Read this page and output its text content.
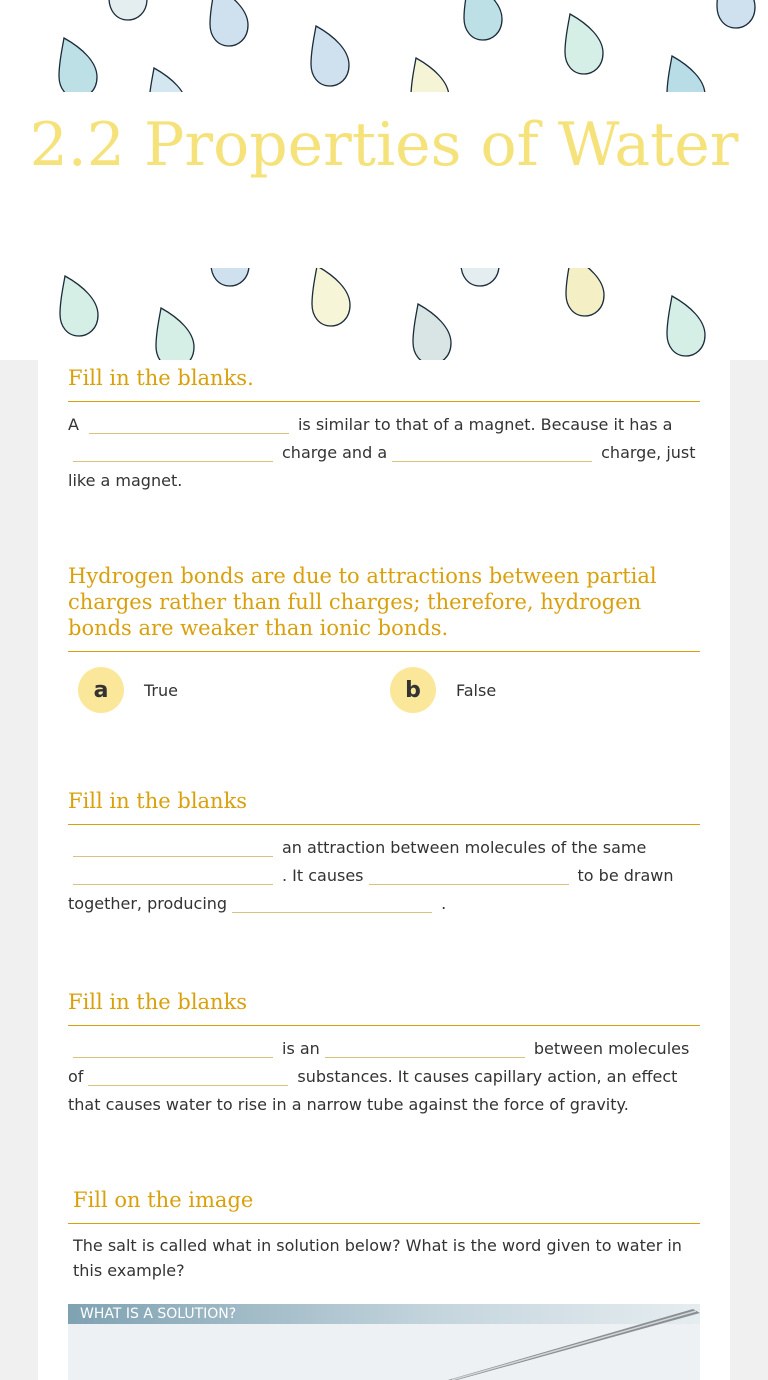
2.2 Properties of Water
Fill in the blanks.
A	is similar to that of a magnet. Because it has a
charge and a	charge, just like a magnet.
Hydrogen bonds are due to attractions between partial charges rather than full charges; therefore, hydrogen bonds are weaker than ionic bonds.
a	True	b	False
Fill in the blanks
an attraction between molecules of the same
. It causes	to be drawn together, producing	.
Fill in the blanks
is an	between molecules of	substances. It causes capillary action, an effect that causes water to rise in a narrow tube against the force of gravity.
Fill on the image
The salt is called what in solution below? What is the word given to water in this example?
WHAT IS A SOLUTION?
